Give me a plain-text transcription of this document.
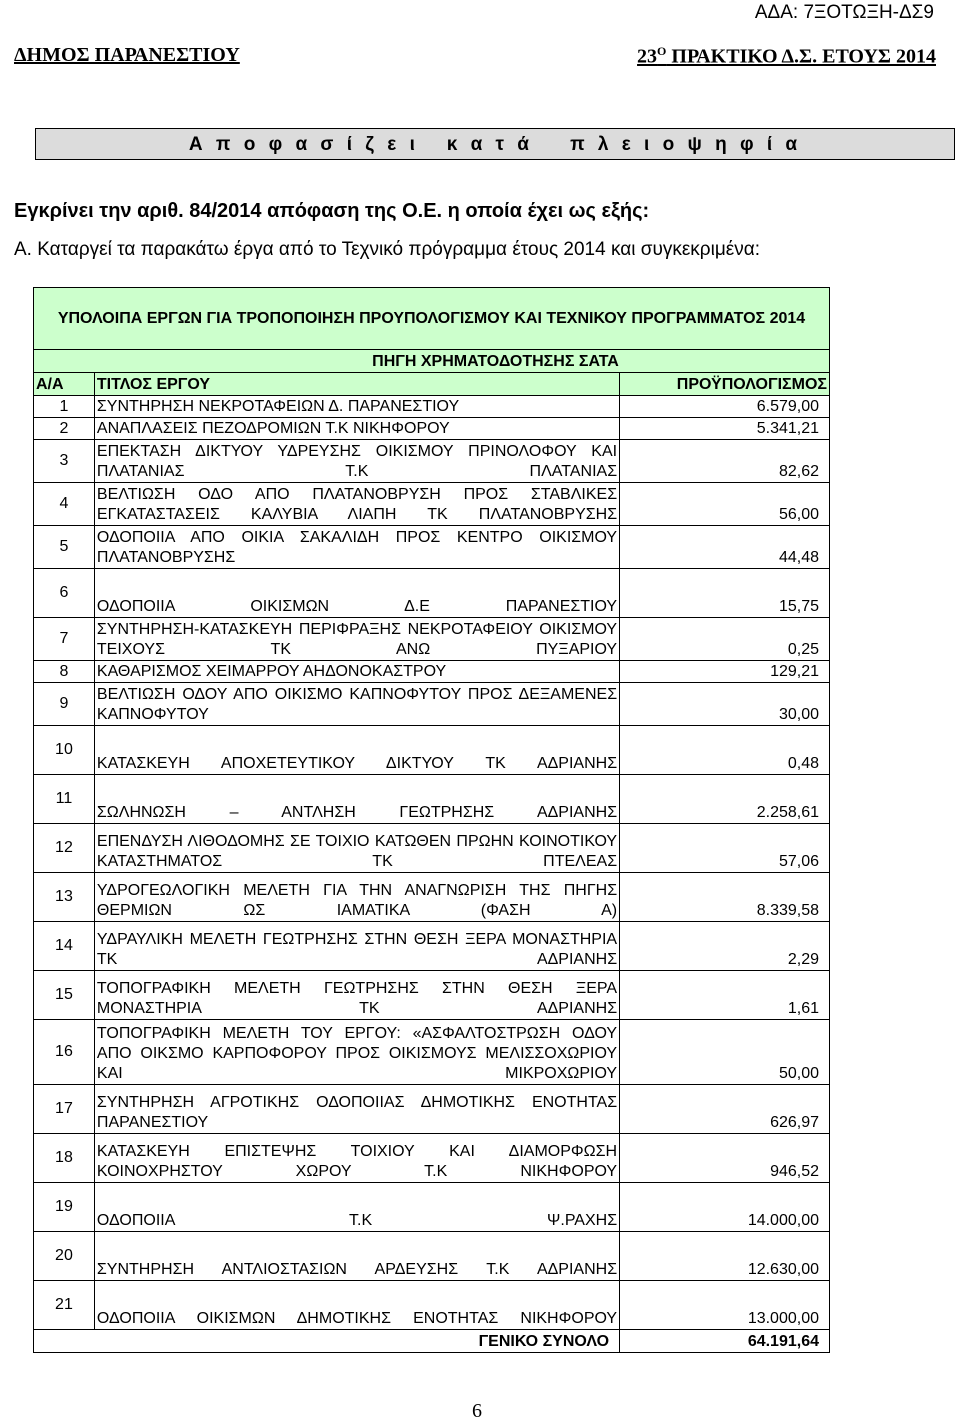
ΑΔΑ: 7ΞΟΤΩΞΗ-ΔΣ9
ΔΗΜΟΣ ΠΑΡΑΝΕΣΤΙΟΥ	$23^O$ ΠΡΑΚΤΙΚΟ Δ.Σ. ΕΤΟΥΣ 2014
Α π ο φ α σ ί ζ ε ι   κ α τ ά    π λ ε ι ο ψ η φ ί α
Εγκρίνει την αριθ. 84/2014 απόφαση της Ο.Ε. η οποία έχει ως εξής:
Α. Καταργεί τα παρακάτω έργα από το Τεχνικό πρόγραμμα έτους 2014 και συγκεκριμένα:
ΥΠΟΛΟΙΠΑ ΕΡΓΩΝ ΓΙΑ ΤΡΟΠΟΠΟΙΗΣΗ ΠΡΟΥΠΟΛΟΓΙΣΜΟΥ ΚΑΙ ΤΕΧΝΙΚΟΥ ΠΡΟΓΡΑΜΜΑΤΟΣ 2014		
ΠΗΓΗ ΧΡΗΜΑΤΟΔΟΤΗΣΗΣ ΣΑΤΑ		
Α/Α	ΤΙΤΛΟΣ ΕΡΓΟΥ	ΠΡΟΫΠΟΛΟΓΙΣΜΟΣ
1	ΣΥΝΤΗΡΗΣΗ ΝΕΚΡΟΤΑΦΕΙΩΝ Δ. ΠΑΡΑΝΕΣΤΙΟΥ	6.579,00
2	ΑΝΑΠΛΑΣΕΙΣ ΠΕΖΟΔΡΟΜΙΩΝ Τ.Κ ΝΙΚΗΦΟΡΟΥ	5.341,21
3	ΕΠΕΚΤΑΣΗ ΔΙΚΤΥΟΥ ΥΔΡΕΥΣΗΣ ΟΙΚΙΣΜΟΥ ΠΡΙΝΟΛΟΦΟΥ ΚΑΙ ΠΛΑΤΑΝΙΑΣ Τ.Κ ΠΛΑΤΑΝΙΑΣ	82,62
4	ΒΕΛΤΙΩΣΗ ΟΔΟ ΑΠΟ ΠΛΑΤΑΝΟΒΡΥΣΗ ΠΡΟΣ ΣΤΑΒΛΙΚΕΣ ΕΓΚΑΤΑΣΤΑΣΕΙΣ ΚΑΛΥΒΙΑ ΛΙΑΠΗ ΤΚ ΠΛΑΤΑΝΟΒΡΥΣΗΣ	56,00
5	ΟΔΟΠΟΙΙΑ ΑΠΟ ΟΙΚΙΑ ΣΑΚΑΛΙΔΗ ΠΡΟΣ ΚΕΝΤΡΟ ΟΙΚΙΣΜΟΥ ΠΛΑΤΑΝΟΒΡΥΣΗΣ	44,48
6	ΟΔΟΠΟΙΙΑ ΟΙΚΙΣΜΩΝ Δ.Ε ΠΑΡΑΝΕΣΤΙΟΥ	15,75
7	ΣΥΝΤΗΡΗΣΗ-ΚΑΤΑΣΚΕΥΗ ΠΕΡΙΦΡΑΞΗΣ ΝΕΚΡΟΤΑΦΕΙΟΥ ΟΙΚΙΣΜΟΥ ΤΕΙΧΟΥΣ ΤΚ ΑΝΩ ΠΥΞΑΡΙΟΥ	0,25
8	ΚΑΘΑΡΙΣΜΟΣ ΧΕΙΜΑΡΡΟΥ ΑΗΔΟΝΟΚΑΣΤΡΟΥ	129,21
9	ΒΕΛΤΙΩΣΗ ΟΔΟΥ ΑΠΟ ΟΙΚΙΣΜΟ ΚΑΠΝΟΦΥΤΟΥ ΠΡΟΣ ΔΕΞΑΜΕΝΕΣ ΚΑΠΝΟΦΥΤΟΥ	30,00
10	ΚΑΤΑΣΚΕΥΗ ΑΠΟΧΕΤΕΥΤΙΚΟΥ ΔΙΚΤΥΟΥ ΤΚ ΑΔΡΙΑΝΗΣ	0,48
11	ΣΩΛΗΝΩΣΗ – ΑΝΤΛΗΣΗ ΓΕΩΤΡΗΣΗΣ ΑΔΡΙΑΝΗΣ	2.258,61
12	ΕΠΕΝΔΥΣΗ ΛΙΘΟΔΟΜΗΣ ΣΕ ΤΟΙΧΙΟ ΚΑΤΩΘΕΝ ΠΡΩΗΝ ΚΟΙΝΟΤΙΚΟΥ ΚΑΤΑΣΤΗΜΑΤΟΣ ΤΚ ΠΤΕΛΕΑΣ	57,06
13	ΥΔΡΟΓΕΩΛΟΓΙΚΗ ΜΕΛΕΤΗ ΓΙΑ ΤΗΝ ΑΝΑΓΝΩΡΙΣΗ ΤΗΣ ΠΗΓΗΣ ΘΕΡΜΙΩΝ ΩΣ ΙΑΜΑΤΙΚΑ (ΦΑΣΗ Α)	8.339,58
14	ΥΔΡΑΥΛΙΚΗ ΜΕΛΕΤΗ ΓΕΩΤΡΗΣΗΣ ΣΤΗΝ ΘΕΣΗ ΞΕΡΑ ΜΟΝΑΣΤΗΡΙΑ ΤΚ ΑΔΡΙΑΝΗΣ	2,29
15	ΤΟΠΟΓΡΑΦΙΚΗ ΜΕΛΕΤΗ ΓΕΩΤΡΗΣΗΣ ΣΤΗΝ ΘΕΣΗ ΞΕΡΑ ΜΟΝΑΣΤΗΡΙΑ ΤΚ ΑΔΡΙΑΝΗΣ	1,61
16	ΤΟΠΟΓΡΑΦΙΚΗ ΜΕΛΕΤΗ ΤΟΥ ΕΡΓΟΥ: «ΑΣΦΑΛΤΟΣΤΡΩΣΗ ΟΔΟΥ ΑΠΟ ΟΙΚΣΜΟ ΚΑΡΠΟΦΟΡΟΥ ΠΡΟΣ ΟΙΚΙΣΜΟΥΣ ΜΕΛΙΣΣΟΧΩΡΙΟΥ ΚΑΙ ΜΙΚΡΟΧΩΡΙΟΥ	50,00
17	ΣΥΝΤΗΡΗΣΗ ΑΓΡΟΤΙΚΗΣ ΟΔΟΠΟΙΙΑΣ ΔΗΜΟΤΙΚΗΣ ΕΝΟΤΗΤΑΣ ΠΑΡΑΝΕΣΤΙΟΥ	626,97
18	ΚΑΤΑΣΚΕΥΗ ΕΠΙΣΤΕΨΗΣ ΤΟΙΧΙΟΥ ΚΑΙ ΔΙΑΜΟΡΦΩΣΗ ΚΟΙΝΟΧΡΗΣΤΟΥ ΧΩΡΟΥ Τ.Κ ΝΙΚΗΦΟΡΟΥ	946,52
19	ΟΔΟΠΟΙΙΑ Τ.Κ Ψ.ΡΑΧΗΣ	14.000,00
20	ΣΥΝΤΗΡΗΣΗ ΑΝΤΛΙΟΣΤΑΣΙΩΝ ΑΡΔΕΥΣΗΣ Τ.Κ ΑΔΡΙΑΝΗΣ	12.630,00
21	ΟΔΟΠΟΙΙΑ ΟΙΚΙΣΜΩΝ ΔΗΜΟΤΙΚΗΣ ΕΝΟΤΗΤΑΣ ΝΙΚΗΦΟΡΟΥ	13.000,00
ΓΕΝΙΚΟ ΣΥΝΟΛΟ		64.191,64
6
